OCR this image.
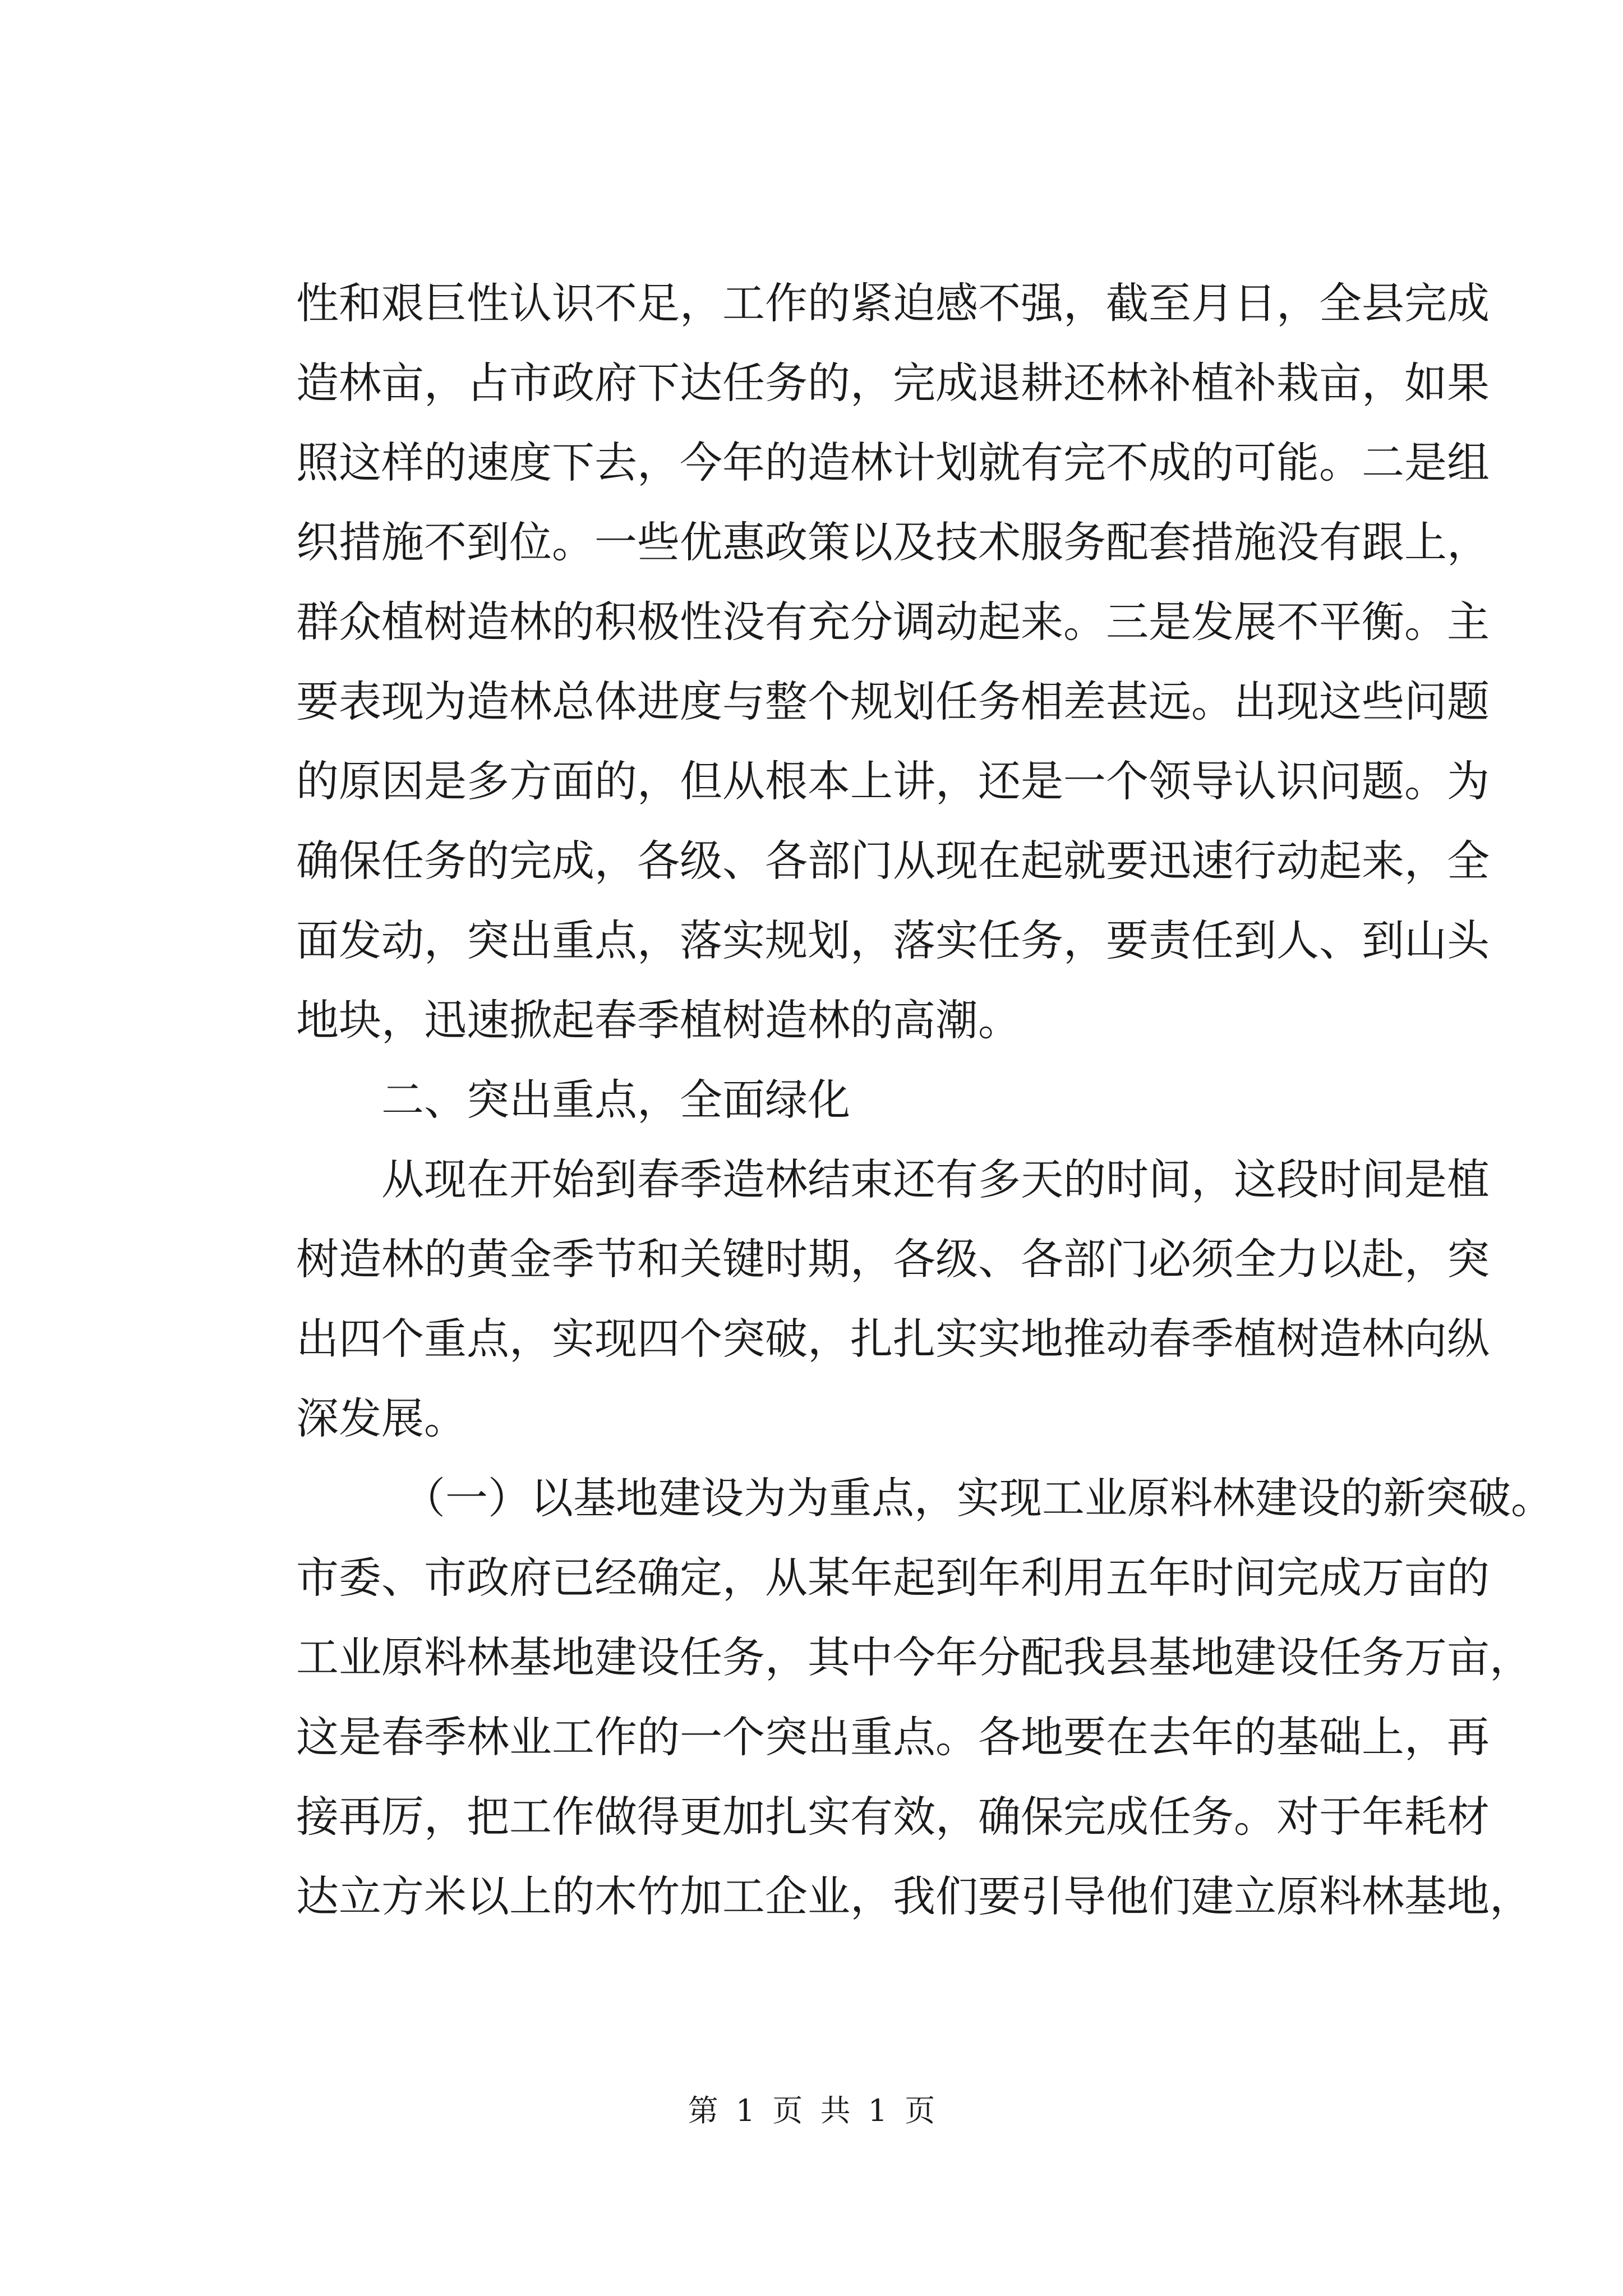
性和艰巨性认识不足，工作的紧迫感不强，截至月日，全县完成
造林亩，占市政府下达任务的，完成退耕还林补植补栽亩，如果
照这样的速度下去，今年的造林计划就有完不成的可能。二是组
织措施不到位。一些优惠政策以及技术服务配套措施没有跟上，
群众植树造林的积极性没有充分调动起来。三是发展不平衡。主
要表现为造林总体进度与整个规划任务相差甚远。出现这些问题
的原因是多方面的，但从根本上讲，还是一个领导认识问题。为
确保任务的完成，各级、各部门从现在起就要迅速行动起来，全
面发动，突出重点，落实规划，落实任务，要责任到人、到山头
地块，迅速掀起春季植树造林的高潮。
二、突出重点，全面绿化
从现在开始到春季造林结束还有多天的时间，这段时间是植
树造林的黄金季节和关键时期，各级、各部门必须全力以赴，突
出四个重点，实现四个突破，扎扎实实地推动春季植树造林向纵
深发展。
（一）以基地建设为为重点，实现工业原料林建设的新突破。
市委、市政府已经确定，从某年起到年利用五年时间完成万亩的
工业原料林基地建设任务，其中今年分配我县基地建设任务万亩，
这是春季林业工作的一个突出重点。各地要在去年的基础上，再
接再厉，把工作做得更加扎实有效，确保完成任务。对于年耗材
达立方米以上的木竹加工企业，我们要引导他们建立原料林基地，
第 1 页 共 1 页
